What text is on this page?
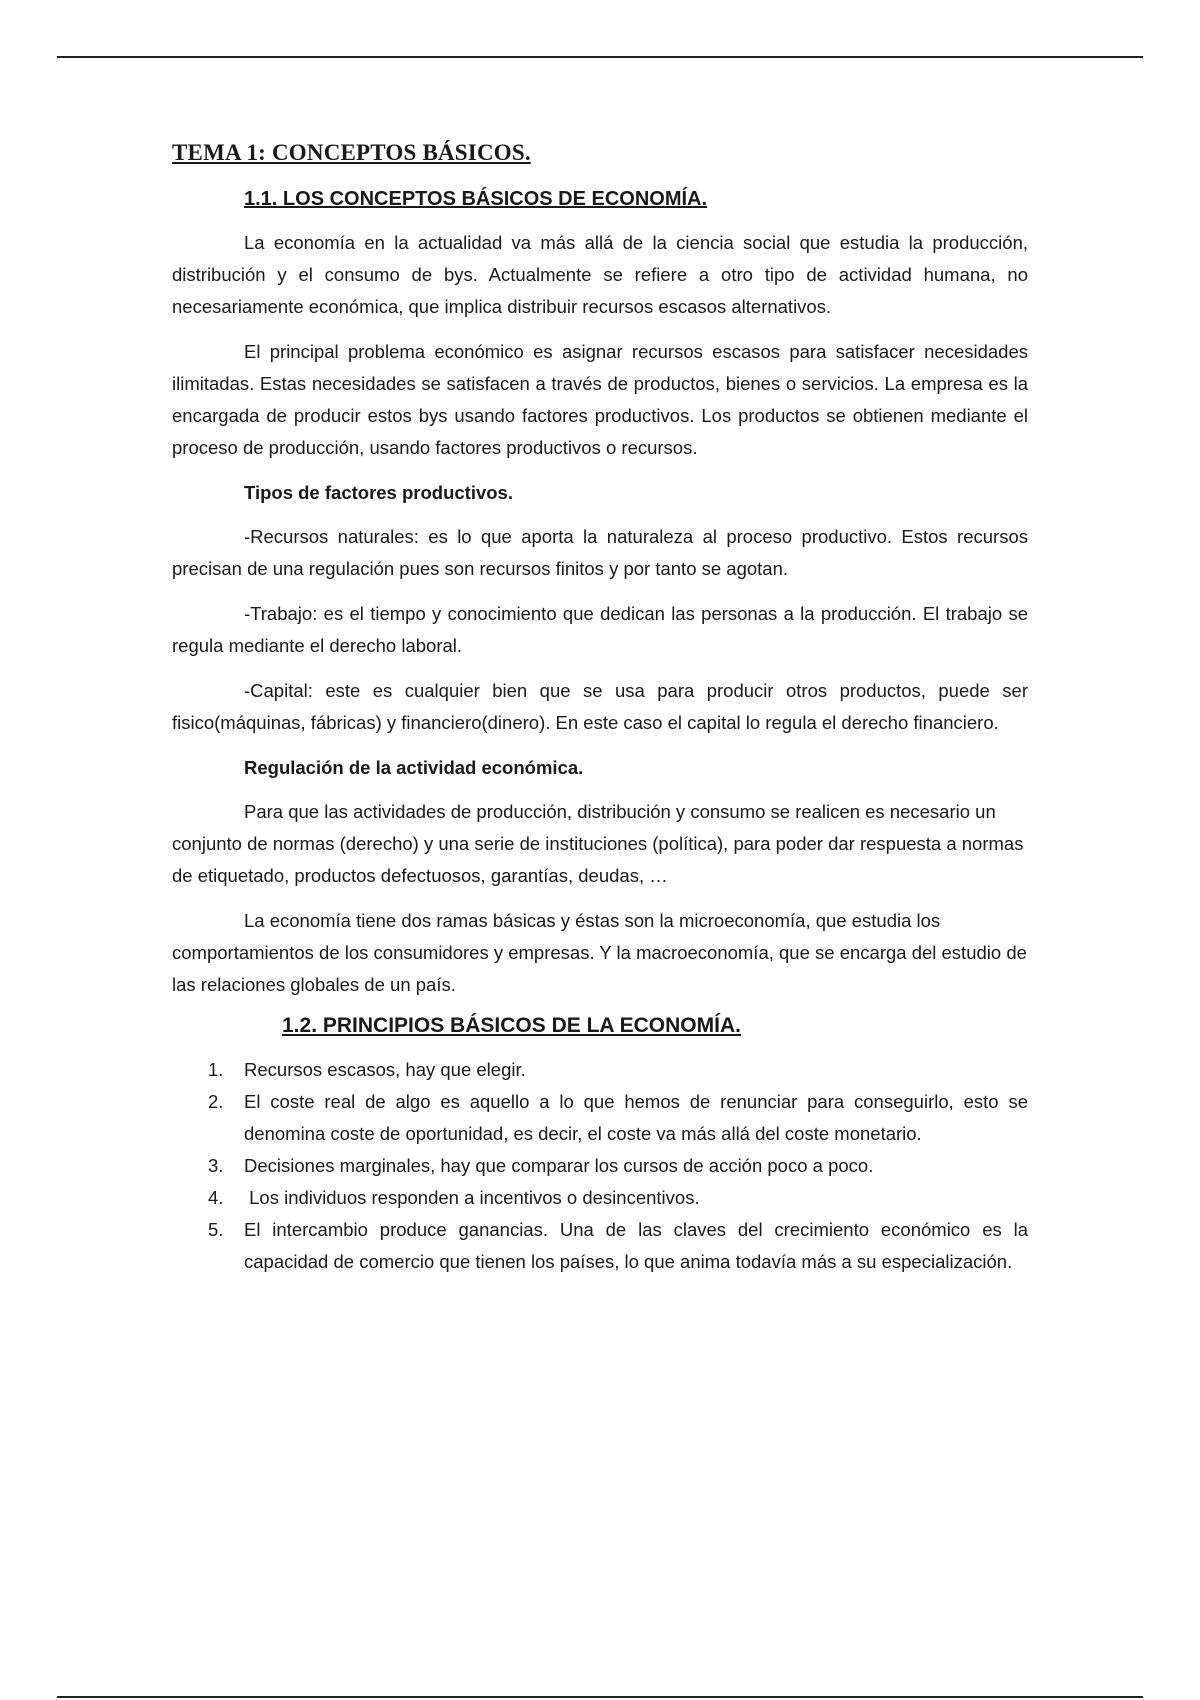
TEMA 1: CONCEPTOS BÁSICOS.
1.1. LOS CONCEPTOS BÁSICOS DE ECONOMÍA.

La economía en la actualidad va más allá de la ciencia social que estudia la producción, distribución y el consumo de bys. Actualmente se refiere a otro tipo de actividad humana, no necesariamente económica, que implica distribuir recursos escasos alternativos.

El principal problema económico es asignar recursos escasos para satisfacer necesidades ilimitadas. Estas necesidades se satisfacen a través de productos, bienes o servicios. La empresa es la encargada de producir estos bys usando factores productivos. Los productos se obtienen mediante el proceso de producción, usando factores productivos o recursos.

Tipos de factores productivos.

-Recursos naturales: es lo que aporta la naturaleza al proceso productivo. Estos recursos precisan de una regulación pues son recursos finitos y por tanto se agotan.

-Trabajo: es el tiempo y conocimiento que dedican las personas a la producción. El trabajo se regula mediante el derecho laboral.

-Capital: este es cualquier bien que se usa para producir otros productos, puede ser fisico(máquinas, fábricas) y financiero(dinero). En este caso el capital lo regula el derecho financiero.

Regulación de la actividad económica.

Para que las actividades de producción, distribución y consumo se realicen es necesario un conjunto de normas (derecho) y una serie de instituciones (política), para poder dar respuesta a normas de etiquetado, productos defectuosos, garantías, deudas, …

La economía tiene dos ramas básicas y éstas son la microeconomía, que estudia los comportamientos de los consumidores y empresas. Y la macroeconomía, que se encarga del estudio de las relaciones globales de un país.

1.2. PRINCIPIOS BÁSICOS DE LA ECONOMÍA.
1. Recursos escasos, hay que elegir.
2. El coste real de algo es aquello a lo que hemos de renunciar para conseguirlo, esto se denomina coste de oportunidad, es decir, el coste va más allá del coste monetario.
3. Decisiones marginales, hay que comparar los cursos de acción poco a poco.
4. Los individuos responden a incentivos o desincentivos.
5. El intercambio produce ganancias. Una de las claves del crecimiento económico es la capacidad de comercio que tienen los países, lo que anima todavía más a su especialización.
